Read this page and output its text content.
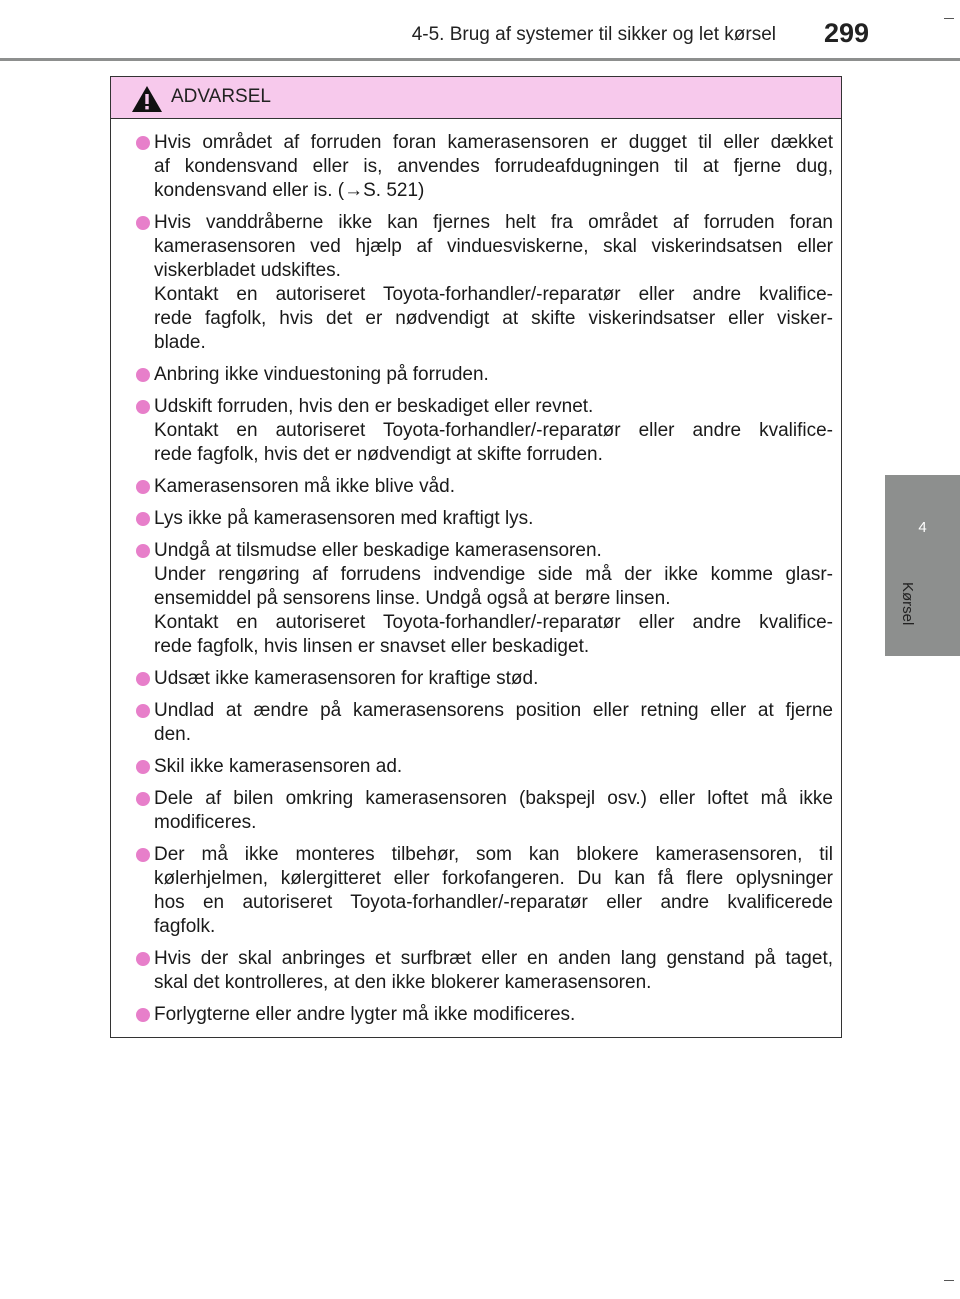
4-5. Brug af systemer til sikker og let kørsel 299
4
Kørsel
ADVARSEL
Hvis området af forruden foran kamerasensoren er dugget til eller dækket
af kondensvand eller is, anvendes forrudeafdugningen til at fjerne dug,
kondensvand eller is. (→S. 521)
Hvis vanddråberne ikke kan fjernes helt fra området af forruden foran
kamerasensoren ved hjælp af vinduesviskerne, skal viskerindsatsen eller
viskerbladet udskiftes.
Kontakt en autoriseret Toyota-forhandler/-reparatør eller andre kvalifice-
rede fagfolk, hvis det er nødvendigt at skifte viskerindsatser eller visker-
blade.
Anbring ikke vinduestoning på forruden.
Udskift forruden, hvis den er beskadiget eller revnet.
Kontakt en autoriseret Toyota-forhandler/-reparatør eller andre kvalifice-
rede fagfolk, hvis det er nødvendigt at skifte forruden.
Kamerasensoren må ikke blive våd.
Lys ikke på kamerasensoren med kraftigt lys.
Undgå at tilsmudse eller beskadige kamerasensoren.
Under rengøring af forrudens indvendige side må der ikke komme glasr-
ensemiddel på sensorens linse. Undgå også at berøre linsen.
Kontakt en autoriseret Toyota-forhandler/-reparatør eller andre kvalifice-
rede fagfolk, hvis linsen er snavset eller beskadiget.
Udsæt ikke kamerasensoren for kraftige stød.
Undlad at ændre på kamerasensorens position eller retning eller at fjerne
den.
Skil ikke kamerasensoren ad.
Dele af bilen omkring kamerasensoren (bakspejl osv.) eller loftet må ikke
modificeres.
Der må ikke monteres tilbehør, som kan blokere kamerasensoren, til
kølerhjelmen, kølergitteret eller forkofangeren. Du kan få flere oplysninger
hos en autoriseret Toyota-forhandler/-reparatør eller andre kvalificerede
fagfolk.
Hvis der skal anbringes et surfbræt eller en anden lang genstand på taget,
skal det kontrolleres, at den ikke blokerer kamerasensoren.
Forlygterne eller andre lygter må ikke modificeres.
